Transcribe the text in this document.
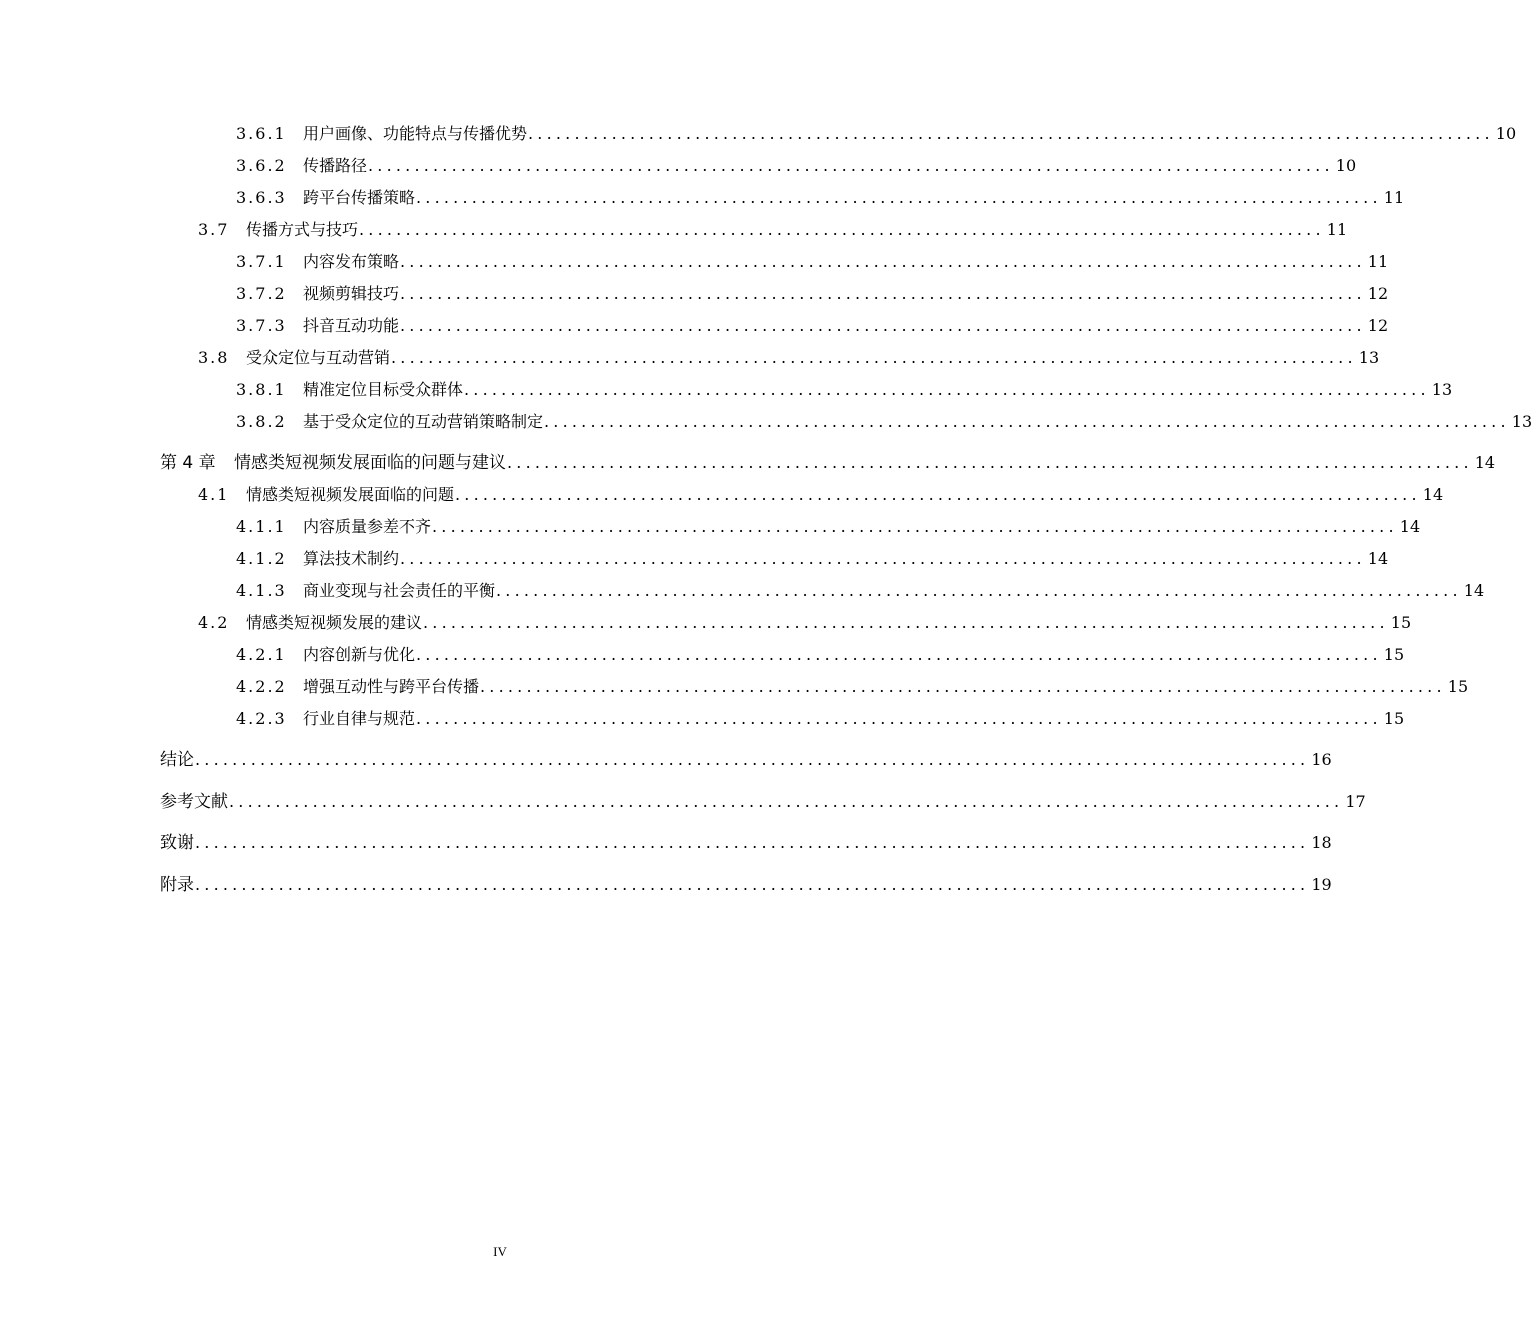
3.6.1	用户画像、功能特点与传播优势 ........................................................................................................ 10
3.6.2	传播路径 ........................................................................................................ 10
3.6.3	跨平台传播策略 ........................................................................................................ 11
3.7	传播方式与技巧 ........................................................................................................ 11
3.7.1	内容发布策略 ........................................................................................................ 11
3.7.2	视频剪辑技巧 ........................................................................................................ 12
3.7.3	抖音互动功能 ........................................................................................................ 12
3.8	受众定位与互动营销 ........................................................................................................ 13
3.8.1	精准定位目标受众群体 ........................................................................................................ 13
3.8.2	基于受众定位的互动营销策略制定 ........................................................................................................ 13
第 4 章	情感类短视频发展面临的问题与建议 ........................................................................................................ 14
4.1	情感类短视频发展面临的问题 ........................................................................................................ 14
4.1.1	内容质量参差不齐 ........................................................................................................ 14
4.1.2	算法技术制约 ........................................................................................................ 14
4.1.3	商业变现与社会责任的平衡 ........................................................................................................ 14
4.2	情感类短视频发展的建议 ........................................................................................................ 15
4.2.1	内容创新与优化 ........................................................................................................ 15
4.2.2	增强互动性与跨平台传播 ........................................................................................................ 15
4.2.3	行业自律与规范 ........................................................................................................ 15
结论 ........................................................................................................................ 16
参考文献 ........................................................................................................................ 17
致谢 ........................................................................................................................ 18
附录 ........................................................................................................................ 19
IV
